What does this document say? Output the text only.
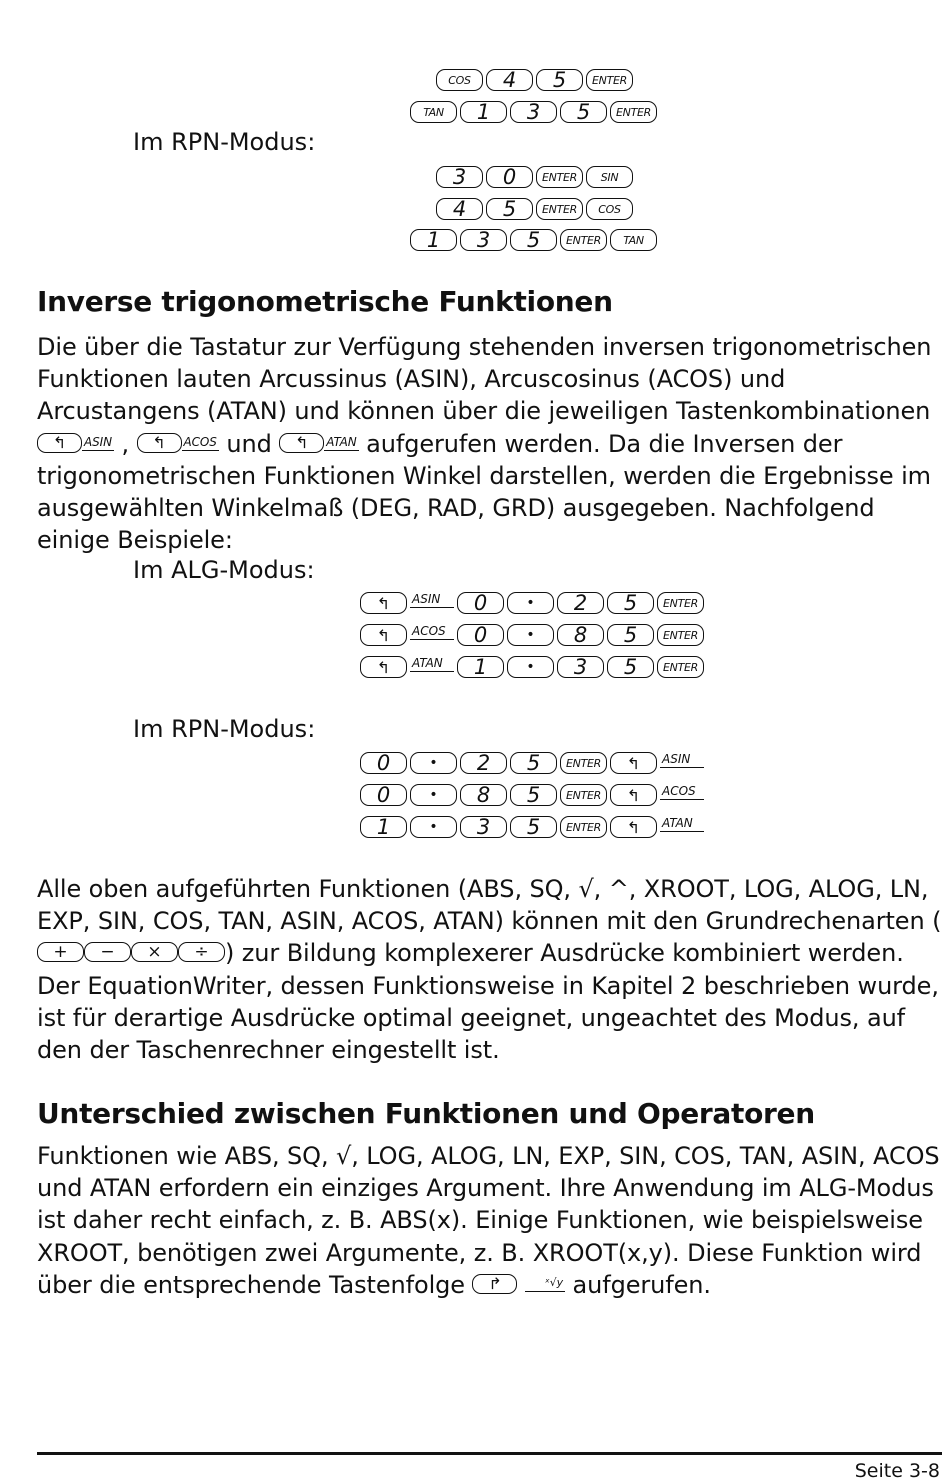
COS	4	5	ENTER
TAN	1	3	5	ENTER
Im RPN-Modus:
3	0	ENTER	SIN
4	5	ENTER	COS
1	3	5	ENTER	TAN
Inverse trigonometrische Funktionen
Die über die Tastatur zur Verfügung stehenden inversen trigonometrischen Funktionen lauten Arcussinus (ASIN), Arcuscosinus (ACOS) und Arcustangens (ATAN) und können über die jeweiligen Tastenkombinationen
↰ ASIN , ↰ ACOS und ↰ ATAN aufgerufen werden. Da die Inversen der trigonometrischen Funktionen Winkel darstellen, werden die Ergebnisse im ausgewählten Winkelmaß (DEG, RAD, GRD) ausgegeben. Nachfolgend einige Beispiele:
Im ALG-Modus:
↰ ASIN	0	•	2	5	ENTER
↰ ACOS	0	•	8	5	ENTER
↰ ATAN	1	•	3	5	ENTER
Im RPN-Modus:
0	•	2	5	ENTER	↰ ASIN
0	•	8	5	ENTER	↰ ACOS
1	•	3	5	ENTER	↰ ATAN
Alle oben aufgeführten Funktionen (ABS, SQ, √, ^, XROOT, LOG, ALOG, LN, EXP, SIN, COS, TAN, ASIN, ACOS, ATAN) können mit den Grundrechenarten (+ − × ÷ ) zur Bildung komplexerer Ausdrücke kombiniert werden. Der EquationWriter, dessen Funktionsweise in Kapitel 2 beschrieben wurde, ist für derartige Ausdrücke optimal geeignet, ungeachtet des Modus, auf den der Taschenrechner eingestellt ist.
Unterschied zwischen Funktionen und Operatoren
Funktionen wie ABS, SQ, √, LOG, ALOG, LN, EXP, SIN, COS, TAN, ASIN, ACOS und ATAN erfordern ein einziges Argument. Ihre Anwendung im ALG-Modus ist daher recht einfach, z. B. ABS(x). Einige Funktionen, wie beispielsweise XROOT, benötigen zwei Argumente, z. B. XROOT(x,y). Diese Funktion wird über die entsprechende Tastenfolge ↱	ˣ√y aufgerufen.
Seite 3-8
